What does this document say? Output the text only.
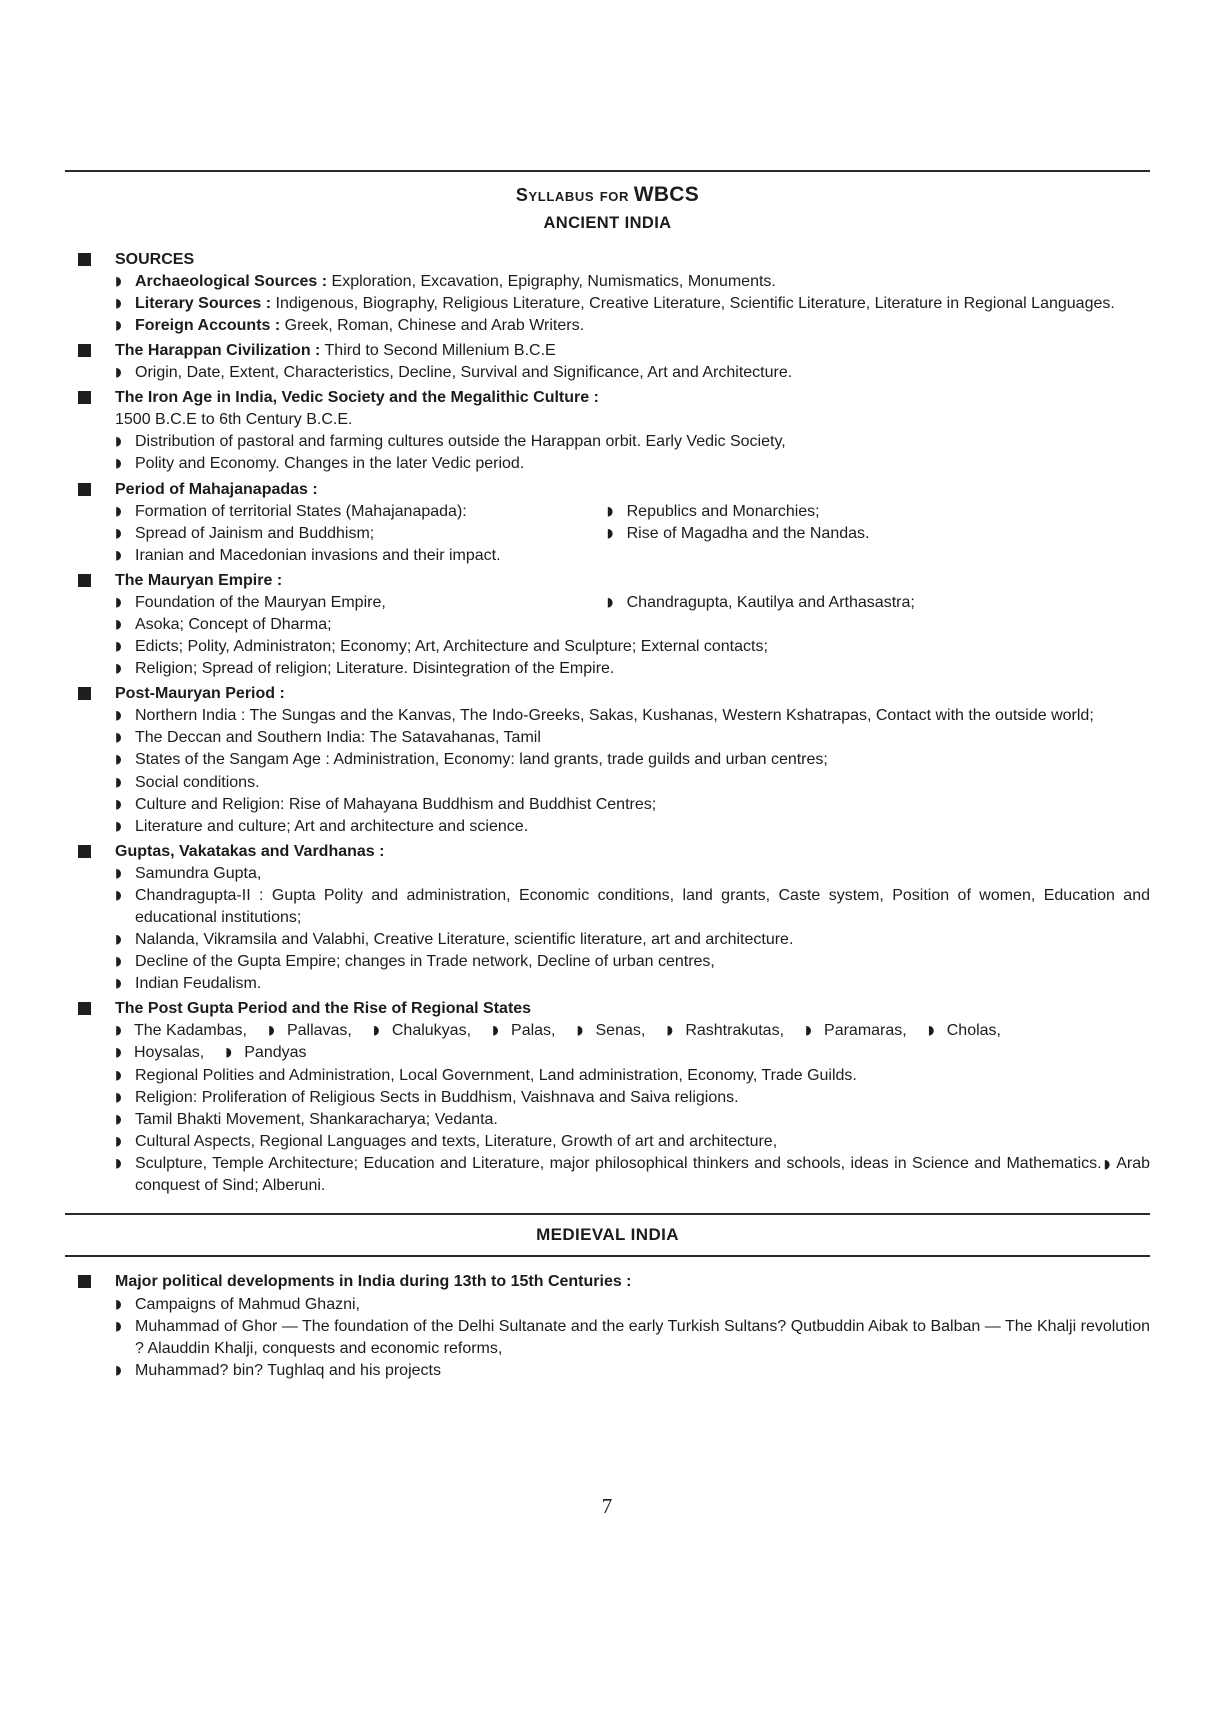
Syllabus for WBCS
ANCIENT INDIA
SOURCES
◗ Archaeological Sources : Exploration, Excavation, Epigraphy, Numismatics, Monuments.
◗ Literary Sources : Indigenous, Biography, Religious Literature, Creative Literature, Scientific Literature, Literature in Regional Languages.
◗ Foreign Accounts : Greek, Roman, Chinese and Arab Writers.
The Harappan Civilization : Third to Second Millenium B.C.E
◗ Origin, Date, Extent, Characteristics, Decline, Survival and Significance, Art and Architecture.
The Iron Age in India, Vedic Society and the Megalithic Culture :
1500 B.C.E to 6th Century B.C.E.
◗ Distribution of pastoral and farming cultures outside the Harappan orbit. Early Vedic Society,
◗ Polity and Economy. Changes in the later Vedic period.
Period of Mahajanapadas :
◗ Formation of territorial States (Mahajanapada):	◗ Republics and Monarchies;
◗ Spread of Jainism and Buddhism;	◗ Rise of Magadha and the Nandas.
◗ Iranian and Macedonian invasions and their impact.
The Mauryan Empire :
◗ Foundation of the Mauryan Empire,	◗ Chandragupta, Kautilya and Arthasastra;
◗ Asoka; Concept of Dharma;
◗ Edicts; Polity, Administraton; Economy; Art, Architecture and Sculpture; External contacts;
◗ Religion; Spread of religion; Literature. Disintegration of the Empire.
Post-Mauryan Period :
◗ Northern India : The Sungas and the Kanvas, The Indo-Greeks, Sakas, Kushanas, Western Kshatrapas, Contact with the outside world;
◗ The Deccan and Southern India: The Satavahanas, Tamil
◗ States of the Sangam Age : Administration, Economy: land grants, trade guilds and urban centres;
◗ Social conditions.
◗ Culture and Religion: Rise of Mahayana Buddhism and Buddhist Centres;
◗ Literature and culture; Art and architecture and science.
Guptas, Vakatakas and Vardhanas :
◗ Samundra Gupta,
◗ Chandragupta-II : Gupta Polity and administration, Economic conditions, land grants, Caste system, Position of women, Education and educational institutions;
◗ Nalanda, Vikramsila and Valabhi, Creative Literature, scientific literature, art and architecture.
◗ Decline of the Gupta Empire; changes in Trade network, Decline of urban centres,
◗ Indian Feudalism.
The Post Gupta Period and the Rise of Regional States
◗ The Kadambas, ◗ Pallavas, ◗ Chalukyas, ◗ Palas, ◗ Senas, ◗ Rashtrakutas, ◗ Paramaras, ◗ Cholas,
◗ Hoysalas, ◗ Pandyas
◗ Regional Polities and Administration, Local Government, Land administration, Economy, Trade Guilds.
◗ Religion: Proliferation of Religious Sects in Buddhism, Vaishnava and Saiva religions.
◗ Tamil Bhakti Movement, Shankaracharya; Vedanta.
◗ Cultural Aspects, Regional Languages and texts, Literature, Growth of art and architecture,
◗ Sculpture, Temple Architecture; Education and Literature, major philosophical thinkers and schools, ideas in Science and Mathematics. ◗ Arab conquest of Sind; Alberuni.
MEDIEVAL INDIA
Major political developments in India during 13th to 15th Centuries :
◗ Campaigns of Mahmud Ghazni,
◗ Muhammad of Ghor — The foundation of the Delhi Sultanate and the early Turkish Sultans? Qutbuddin Aibak to Balban — The Khalji revolution ? Alauddin Khalji, conquests and economic reforms,
◗ Muhammad? bin? Tughlaq and his projects
7
